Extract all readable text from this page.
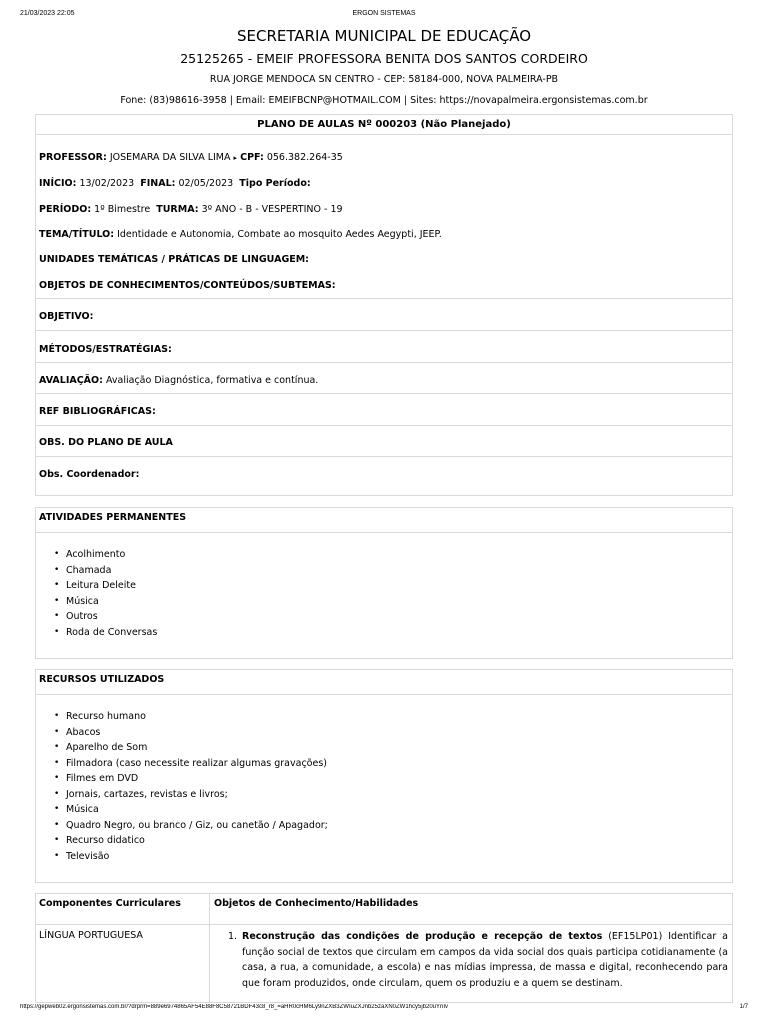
21/03/2023 22:05	ERGON SISTEMAS
SECRETARIA MUNICIPAL DE EDUCAÇÃO
25125265 - EMEIF PROFESSORA BENITA DOS SANTOS CORDEIRO
RUA JORGE MENDOCA SN CENTRO - CEP: 58184-000, NOVA PALMEIRA-PB
Fone: (83)98616-3958 | Email: EMEIFBCNP@HOTMAIL.COM | Sites: https://novapalmeira.ergonsistemas.com.br
PLANO DE AULAS Nº 000203 (Não Planejado)
PROFESSOR: JOSEMARA DA SILVA LIMA ▸ CPF: 056.382.264-35
INÍCIO: 13/02/2023 FINAL: 02/05/2023 Tipo Período:
PERÍODO: 1º Bimestre TURMA: 3º ANO - B - VESPERTINO - 19
TEMA/TÍTULO: Identidade e Autonomia, Combate ao mosquito Aedes Aegypti, JEEP.
UNIDADES TEMÁTICAS / PRÁTICAS DE LINGUAGEM:
OBJETOS DE CONHECIMENTOS/CONTEÚDOS/SUBTEMAS:
OBJETIVO:
MÉTODOS/ESTRATÉGIAS:
AVALIAÇÃO: Avaliação Diagnóstica, formativa e contínua.
REF BIBLIOGRÁFICAS:
OBS. DO PLANO DE AULA
Obs. Coordenador:
ATIVIDADES PERMANENTES
• Acolhimento
• Chamada
• Leitura Deleite
• Música
• Outros
• Roda de Conversas
RECURSOS UTILIZADOS
• Recurso humano
• Abacos
• Aparelho de Som
• Filmadora (caso necessite realizar algumas gravações)
• Filmes em DVD
• Jornais, cartazes, revistas e livros;
• Música
• Quadro Negro, ou branco / Giz, ou canetão / Apagador;
• Recurso didatico
• Televisão
Componentes Curriculares	Objetos de Conhecimento/Habilidades
LÍNGUA PORTUGUESA	1. Reconstrução das condições de produção e recepção de textos (EF15LP01) Identificar a função social de textos que circulam em campos da vida social dos quais participa cotidianamente (a casa, a rua, a comunidade, a escola) e nas mídias impressa, de massa e digital, reconhecendo para que foram produzidos, onde circulam, quem os produziu e a quem se destinam.
https://gepweb02.ergonsistemas.com.br/?drprm=889e6974865AF54E88F8C58721BDF43c8_r8_=aHR0cHM6Ly9nZXB3ZWIuZXJnb25zaXN0ZW1hcy5jb20uYnIv	1/7
